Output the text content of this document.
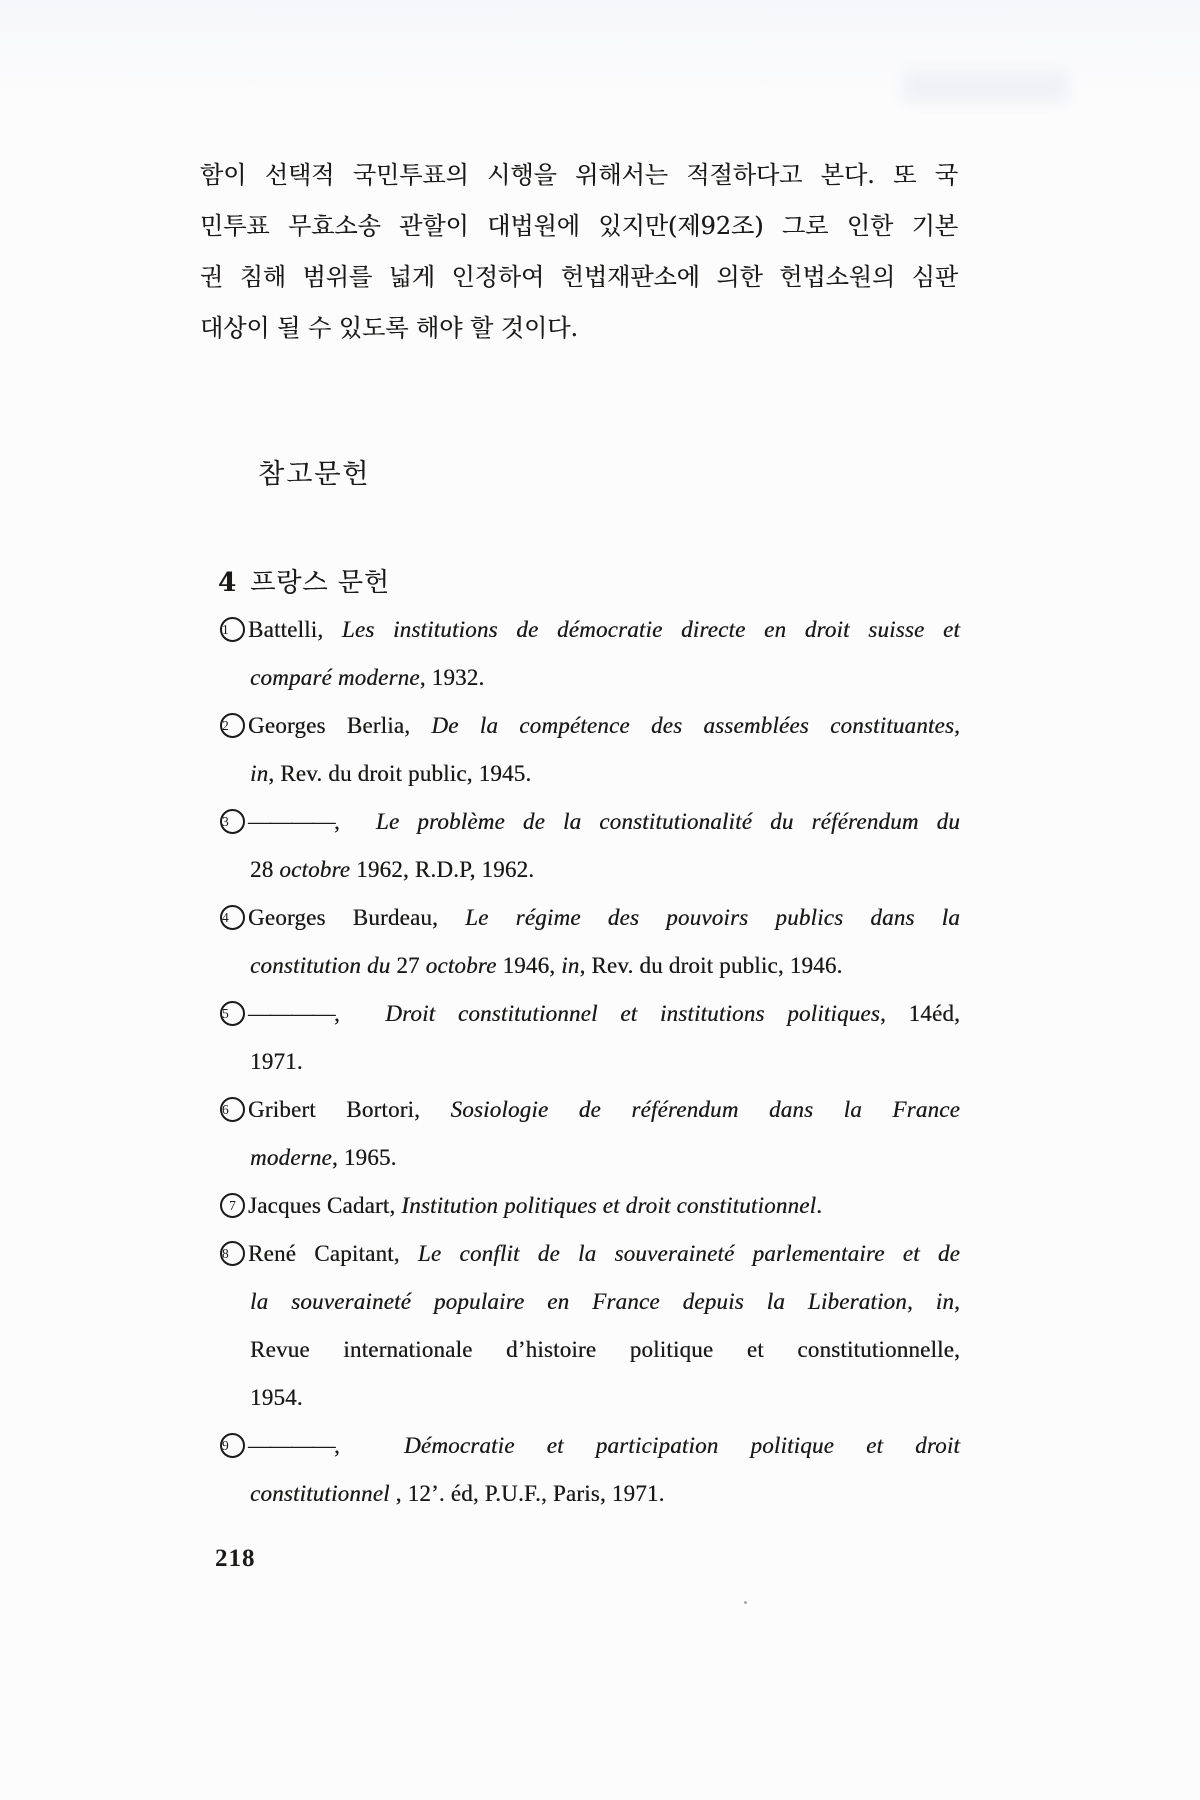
함이 선택적 국민투표의 시행을 위해서는 적절하다고 본다. 또 국
민투표 무효소송 관할이 대법원에 있지만(제92조) 그로 인한 기본
권 침해 범위를 넓게 인정하여 헌법재판소에 의한 헌법소원의 심판
대상이 될 수 있도록 해야 할 것이다.
참고문헌
4 프랑스 문헌
1 Battelli, Les institutions de démocratie directe en droit suisse et
comparé moderne, 1932.
2 Georges Berlia, De la compétence des assemblées constituantes,
in, Rev. du droit public, 1945.
3 ————,  Le problème de la constitutionalité du référendum du
28 octobre 1962, R.D.P, 1962.
4 Georges Burdeau, Le régime des pouvoirs publics dans la
constitution du 27 octobre 1946, in, Rev. du droit public, 1946.
5 ————,  Droit constitutionnel et institutions politiques, 14éd,
1971.
6 Gribert Bortori, Sosiologie de référendum dans la France
moderne, 1965.
7 Jacques Cadart, Institution politiques et droit constitutionnel.
8 René Capitant, Le conflit de la souveraineté parlementaire et de
la souveraineté populaire en France depuis la Liberation, in,
Revue internationale d’histoire politique et constitutionnelle,
1954.
9 ————,  Démocratie et participation politique et droit
constitutionnel , 12’. éd, P.U.F., Paris, 1971.
218
